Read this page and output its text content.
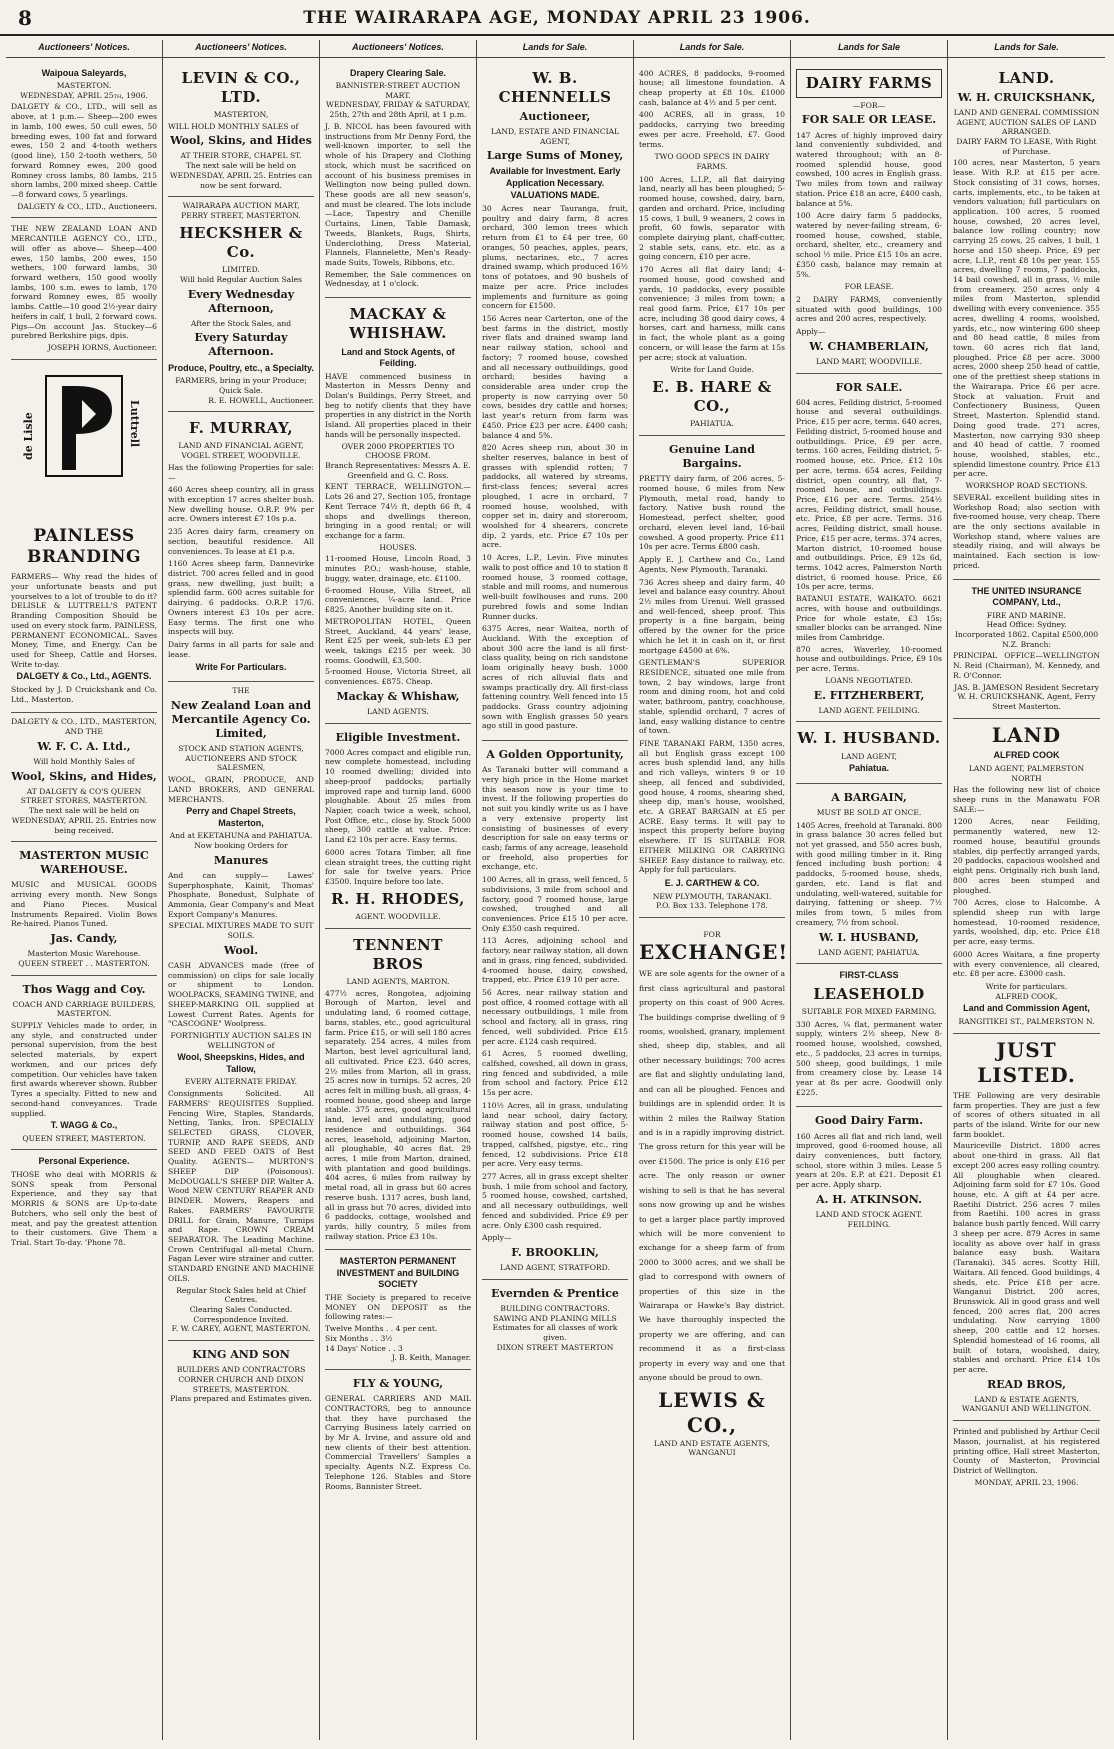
8	THE WAIRARAPA AGE, MONDAY APRIL 23 1906.
Auctioneers' Notices.
Waipoua Saleyards,
MASTERTON.
WEDNESDAY, APRIL 25th, 1906.

DALGETY & CO., LTD., will sell as above, at 1 p.m.— Sheep—200 ewes in lamb, 100 ewes, 50 cull ewes, 50 breeding ewes, 100 fat and forward ewes, 150 2 and 4-tooth wethers (good line), 150 2-tooth wethers, 50 forward Romney ewes, 200 good Romney cross lambs, 80 lambs, 215 shorn lambs, 200 mixed sheep. Cattle—8 forward cows, 5 yearlings.

DALGETY & CO., LTD., Auctioneers.

THE NEW ZEALAND LOAN AND MERCANTILE AGENCY CO., LTD., will offer as above— Sheep—400 ewes, 150 lambs, 200 ewes, 150 wethers, 100 forward lambs, 30 forward wethers, 150 good woolly lambs, 100 s.m. ewes to lamb, 170 forward Romney ewes, 85 woolly lambs. Cattle—10 good 2½-year dairy heifers in calf, 1 bull, 2 forward cows. Pigs—On account Jas. Stuckey—6 purebred Berkshire pigs, dpis.

JOSEPH IORNS, Auctioneer.
de Lisle	Luttrell
PAINLESS BRANDING

FARMERS— Why read the hides of your unfortunate beasts and put yourselves to a lot of trouble to do it? DELISLE & LUTTRELL'S PATENT Branding Composition Should be used on every stock farm. PAINLESS, PERMANENT ECONOMICAL. Saves Money, Time, and Energy. Can be used for Sheep, Cattle and Horses. Write to-day.

DALGETY & Co., Ltd., AGENTS.

Stocked by J. D Cruickshank and Co. Ltd., Masterton.

DALGETY & CO., LTD., MASTERTON,
AND THE
W. F. C. A. Ltd.,
Will hold Monthly Sales of
Wool, Skins, and Hides,
AT DALGETY & CO'S QUEEN STREET STORES, MASTERTON.
The next sale will be held on WEDNESDAY, APRIL 25. Entries now being received.
MASTERTON MUSIC WAREHOUSE.

MUSIC and MUSICAL GOODS arriving every month. New Songs and Piano Pieces. Musical Instruments Repaired. Violin Bows Re-haired. Pianos Tuned.

Jas. Candy,
Masterton Music Warehouse.
QUEEN STREET . . MASTERTON.
Thos Wagg and Coy.
COACH AND CARRIAGE BUILDERS, MASTERTON.

SUPPLY Vehicles made to order, in any style, and constructed under personal supervision, from the best selected materials, by expert workmen, and our prices defy competition. Our vehicles have taken first awards wherever shown. Rubber Tyres a specialty. Fitted to new and second-hand conveyances. Trade supplied.

T. WAGG & Co.,
QUEEN STREET, MASTERTON.
Personal Experience.

THOSE who deal with MORRIS & SONS speak from Personal Experience, and they say that MORRIS & SONS are Up-to-date Butchers, who sell only the best of meat, and pay the greatest attention to their customers. Give Them a Trial. Start To-day. 'Phone 78.

Auctioneers' Notices.
LEVIN & CO., LTD.
MASTERTON,

WILL HOLD MONTHLY SALES of

Wool, Skins, and Hides
AT THEIR STORE, CHAPEL ST.
The next sale will be held on WEDNESDAY, APRIL 25. Entries can now be sent forward.
WAIRARAPA AUCTION MART, PERRY STREET, MASTERTON.
HECKSHER & Co.
LIMITED.
Will hold Regular Auction Sales
Every Wednesday Afternoon,
After the Stock Sales, and
Every Saturday Afternoon.
Produce, Poultry, etc., a Specialty.
FARMERS, bring in your Produce; Quick Sale.
R. E. HOWELL, Auctioneer.
F. MURRAY,
LAND AND FINANCIAL AGENT, VOGEL STREET, WOODVILLE.

Has the following Properties for sale:—

460 Acres sheep country, all in grass with exception 17 acres shelter bush. New dwelling house. O.R.P. 9% per acre. Owners interest £7 10s p.a.

235 Acres dairy farm, creamery on section, beautiful residence. All conveniences. To lease at £1 p.a.

1160 Acres sheep farm, Dannevirke district. 700 acres felled and in good grass, new dwelling, just built; a splendid farm. 600 acres suitable for dairying. 6 paddocks. O.R.P. 17/6. Owners interest £3 10s per acre. Easy terms. The first one who inspects will buy.

Dairy farms in all parts for sale and lease.

Write For Particulars.
THE
New Zealand Loan and Mercantile Agency Co. Limited,
STOCK AND STATION AGENTS, AUCTIONEERS AND STOCK SALESMEN,

WOOL, GRAIN, PRODUCE, AND LAND BROKERS, AND GENERAL MERCHANTS.

Perry and Chapel Streets, Masterton,
And at EKETAHUNA and PAHIATUA.
Now booking Orders for
Manures

And can supply— Lawes' Superphosphate, Kainit, Thomas' Phosphate, Bonedust, Sulphate of Ammonia, Gear Company's and Meat Export Company's Manures.

SPECIAL MIXTURES MADE TO SUIT SOILS.
Wool.

CASH ADVANCES made (free of commission) on clips for sale locally or shipment to London. WOOLPACKS, SEAMING TWINE, and SHEEP-MARKING OIL supplied at Lowest Current Rates. Agents for "CASCOGNE" Woolpress.

FORTNIGHTLY AUCTION SALES IN WELLINGTON of
Wool, Sheepskins, Hides, and Tallow,
EVERY ALTERNATE FRIDAY.

Consignments Solicited. All FARMERS' REQUISITES Supplied. Fencing Wire, Staples, Standards, Netting, Tanks, Iron. SPECIALLY SELECTED GRASS, CLOVER, TURNIP, AND RAPE SEEDS, AND SEED AND FEED OATS of Best Quality. AGENTS— MURTON'S SHEEP DIP (Poisonous). McDOUGALL'S SHEEP DIP. Walter A. Wood NEW CENTURY REAPER AND BINDER. Mowers, Reapers and Rakes. FARMERS' FAVOURITE DRILL for Grain, Manure, Turnips and Rape. CROWN CREAM SEPARATOR. The Leading Machine. Crown Centrifugal all-metal Churn. Fagan Lever wire strainer and cutter. STANDARD ENGINE AND MACHINE OILS.

Regular Stock Sales held at Chief Centres.
Clearing Sales Conducted.
Correspondence Invited.
F. W. CAREY, AGENT, MASTERTON.
KING AND SON
BUILDERS AND CONTRACTORS
CORNER CHURCH AND DIXON STREETS, MASTERTON.
Plans prepared and Estimates given.
Auctioneers' Notices.
Drapery Clearing Sale.
BANNISTER-STREET AUCTION MART.
WEDNESDAY, FRIDAY & SATURDAY, 25th, 27th and 28th April, at 1 p.m.

J. B. NICOL has been favoured with instructions from Mr Denny Ford, the well-known importer, to sell the whole of his Drapery and Clothing stock, which must be sacrificed on account of his business premises in Wellington now being pulled down. These goods are all new season's, and must be cleared. The lots include—Lace, Tapestry and Chenille Curtains, Linen, Table Damask, Tweeds, Blankets, Rugs, Shirts, Underclothing, Dress Material, Flannels, Flannelette, Men's Ready-made Suits, Towels, Ribbons, etc.

Remember, the Sale commences on Wednesday, at 1 o'clock.

MACKAY & WHISHAW.
Land and Stock Agents, of Feilding.

HAVE commenced business in Masterton in Messrs Denny and Dolan's Buildings, Perry Street, and beg to notify clients that they have properties in any district in the North Island. All properties placed in their hands will be personally inspected.

OVER 2000 PROPERTIES TO CHOOSE FROM.
Branch Representatives: Messrs A. E. Greenfield and G. C. Ross.

KENT TERRACE, WELLINGTON.— Lots 26 and 27, Section 105, frontage Kent Terrace 74½ ft, depth 66 ft, 4 shops and dwellings thereon, bringing in a good rental; or will exchange for a farm.

HOUSES.

11-roomed House, Lincoln Road, 3 minutes P.O.; wash-house, stable, buggy, water, drainage, etc. £1100.

6-roomed House, Villa Street, all conveniences, ¼-acre land. Price £825. Another building site on it.

METROPOLITAN HOTEL, Queen Street, Auckland, 44 years' lease, Rent £25 per week, sub-lets £3 per week, takings £215 per week. 30 rooms. Goodwill, £3,500.

5-roomed House, Victoria Street, all conveniences. £875. Cheap.

Mackay & Whishaw,
LAND AGENTS.
Eligible Investment.

7000 Acres compact and eligible run, new complete homestead, including 10 roomed dwelling; divided into sheep-proof paddocks; partially improved rape and turnip land. 6000 ploughable. About 25 miles from Napier, coach twice a week, school, Post Office, etc., close by. Stock 5000 sheep, 300 cattle at value. Price: Land £2 10s per acre. Easy terms.

6000 acres Totara Timber, all fine clean straight trees, the cutting right for sale for twelve years. Price £3500. Inquire before too late.

R. H. RHODES,
AGENT. WOODVILLE.
TENNENT BROS
LAND AGENTS, MARTON.

477½ acres, Rongotea, adjoining Borough of Marton, level and undulating land, 6 roomed cottage, barns, stables, etc., good agricultural farm. Price £15, or will sell 180 acres separately. 254 acres, 4 miles from Marton, best level agricultural land, all cultivated. Price £23. 640 acres, 2½ miles from Marton, all in grass, 25 acres now in turnips. 52 acres, 20 acres felt in milling bush, all grass, 4-roomed house, good sheep and large stable. 375 acres, good agricultural land, level and undulating, good residence and outbuildings. 364 acres, leasehold, adjoining Marton, all ploughable, 40 acres flat. 29 acres, 1 mile from Marton, drained, with plantation and good buildings. 404 acres, 6 miles from railway by metal road, all in grass but 60 acres reserve bush. 1317 acres, bush land, all in grass but 70 acres, divided into 6 paddocks, cottage, woolshed and yards, hilly country, 5 miles from railway station. Price £3 10s.

MASTERTON PERMANENT INVESTMENT and BUILDING SOCIETY

THE Society is prepared to receive MONEY ON DEPOSIT as the following rates:—

Twelve Months . . 4 per cent.
Six Months . . 3½
14 Days' Notice . . 3
J. B. Keith, Manager.
FLY & YOUNG,

GENERAL CARRIERS AND MAIL CONTRACTORS, beg to announce that they have purchased the Carrying Business lately carried on by Mr A. Irvine, and assure old and new clients of their best attention. Commercial Travellers' Samples a specialty. Agents N.Z. Express Co. Telephone 126. Stables and Store Rooms, Bannister Street.

Lands for Sale.
W. B. CHENNELLS
Auctioneer,
LAND, ESTATE AND FINANCIAL AGENT,
Large Sums of Money,
Available for Investment. Early Application Necessary. VALUATIONS MADE.

30 Acres near Tauranga, fruit, poultry and dairy farm, 8 acres orchard, 300 lemon trees which return from £1 to £4 per tree, 60 oranges, 50 peaches, apples, pears, plums, nectarines, etc., 7 acres drained swamp, which produced 16½ tons of potatoes, and 90 bushels of maize per acre. Price includes implements and furniture as going concern for £1500.

156 Acres near Carterton, one of the best farms in the district, mostly river flats and drained swamp land near railway station, school and factory; 7 roomed house, cowshed and all necessary outbuildings, good orchard; besides having a considerable area under crop the property is now carrying over 50 cows, besides dry cattle and horses; last year's return from farm was £450. Price £23 per acre. £400 cash; balance 4 and 5%.

820 Acres sheep run, about 30 in shelter reserves, balance in best of grasses with splendid rotten; 7 paddocks, all watered by streams, first-class fences; several acres ploughed, 1 acre in orchard, 7 roomed house, woolshed, with copper set in, dairy and storeroom, woolshed for 4 shearers, concrete dip, 2 yards, etc. Price £7 10s per acre.

10 Acres, L.P., Levin. Five minutes walk to post office and 10 to station 8 roomed house, 3 roomed cottage, stable and mill rooms, and numerous well-built fowlhouses and runs. 200 purebred fowls and some Indian Runner ducks.

6375 Acres, near Waitea, north of Auckland. With the exception of about 300 acre the land is all first-class quality, being on rich sandstone loam originally heavy bush. 1000 acres of rich alluvial flats and swamps practically dry. All first-class fattening country. Well fenced into 15 paddocks. Grass country adjoining sown with English grasses 50 years ago still in good pasture.

A Golden Opportunity,

As Taranaki butter will command a very high price in the Home market this season now is your time to invest. If the following properties do not suit you kindly write us as I have a very extensive property list consisting of businesses of every description for sale on easy terms or cash; farms of any acreage, leasehold or freehold, also properties for exchange, etc.

100 Acres, all in grass, well fenced, 5 subdivisions, 3 mile from school and factory, good 7 roomed house, large cowshed, troughed and all conveniences. Price £15 10 per acre. Only £350 cash required.

113 Acres, adjoining school and factory, near railway station, all down and in grass, ring fenced, subdivided. 4-roomed house, dairy, cowshed, trapped, etc. Price £19 10 per acre.

56 Acres, near railway station and post office, 4 roomed cottage with all necessary outbuildings, 1 mile from school and factory, all in grass, ring fenced, well subdivided. Price £15 per acre. £124 cash required.

61 Acres, 5 roomed dwelling, calfshed, cowshed, all down in grass, ring fenced and subdivided, a mile from school and factory. Price £12 15s per acre.

110½ Acres, all in grass, undulating land near school, dairy factory, railway station and post office, 5-roomed house, cowshed 14 bails, trapped, calfshed, pigstye, etc., ring fenced, 12 subdivisions. Price £18 per acre. Very easy terms.

277 Acres, all in grass except shelter bush, 1 mile from school and factory, 5 roomed house, cowshed, cartshed, and all necessary outbuildings, well fenced and subdivided. Price £9 per acre. Only £300 cash required.

Apply—
F. BROOKLIN,
LAND AGENT, STRATFORD.
Evernden & Prentice
BUILDING CONTRACTORS.
SAWING AND PLANING MILLS
Estimates for all classes of work given.
DIXON STREET MASTERTON
Lands for Sale.

400 ACRES, 8 paddocks, 9-roomed house; all limestone foundation. A cheap property at £8 10s. £1000 cash, balance at 4½ and 5 per cent.

400 ACRES, all in grass, 10 paddocks, carrying two breeding ewes per acre. Freehold, £7. Good terms.

TWO GOOD SPECS IN DAIRY FARMS.

100 Acres, L.I.P., all flat dairying land, nearly all has been ploughed; 5-roomed house, cowshed, dairy, barn, garden and orchard. Price, including 15 cows, 1 bull, 9 weaners, 2 cows in profit, 60 fowls, separator with complete dairying plant, chaff-cutter, 2 stable sets, cans, etc. etc. as a going concern, £10 per acre.

170 Acres all flat dairy land; 4-roomed house, good cowshed and yards, 10 paddocks, every possible convenience; 3 miles from town; a real good farm. Price, £17 10s per acre, including 38 good dairy cows, 4 horses, cart and harness, milk cans in fact, the whole plant as a going concern, or will lease the farm at 15s per acre; stock at valuation.

Write for Land Guide.
E. B. HARE & CO.,
PAHIATUA.
Genuine Land Bargains.

PRETTY dairy farm, of 206 acres, 5-roomed house, 6 miles from New Plymouth, metal road, handy to factory. Native bush round the Homestead, perfect shelter, good orchard, eleven level land, 16-bail cowshed. A good property. Price £11 10s per acre. Terms £800 cash.

Apply E. J. Carthew and Co., Land Agents, New Plymouth, Taranaki.

736 Acres sheep and dairy farm, 40 level and balance easy country. About 2½ miles from Urenui. Well grassed and well-fenced, sheep proof. This property is a fine bargain, being offered by the owner for the price which he let it in cash on it, or first mortgage £4500 at 6%.

GENTLEMAN'S SUPERIOR RESIDENCE, situated one mile from town, 2 bay windows, large front room and dining room, hot and cold water, bathroom, pantry, coachhouse, stable, splendid orchard, 7 acres of land, easy walking distance to centre of town.

FINE TARANAKI FARM, 1350 acres, all but English grass except 100 acres bush splendid land, any hills and rich valleys, winters 9 or 10 sheep, all fenced and subdivided, good house, 4 rooms, shearing shed, sheep dip, man's house, woolshed, etc. A GREAT BARGAIN at £5 per ACRE. Easy terms. It will pay to inspect this property before buying elsewhere. IT IS SUITABLE FOR EITHER MILKING OR CARRYING SHEEP. Easy distance to railway, etc. Apply for full particulars.

E. J. CARTHEW & CO.
NEW PLYMOUTH, TARANAKI.
P.O. Box 133. Telephone 178.
FOR
EXCHANGE!

WE are sole agents for the owner of a first class agricultural and pastoral property on this coast of 900 Acres. The buildings comprise dwelling of 9 rooms, woolshed, granary, implement shed, sheep dip, stables, and all other necessary buildings; 700 acres are flat and slightly undulating land, and can all be ploughed. Fences and buildings are in splendid order. It is within 2 miles the Railway Station and is in a rapidly improving district. The gross return for this year will be over £1500. The price is only £16 per acre. The only reason or owner wishing to sell is that he has several sons now growing up and he wishes to get a larger place partly improved which will be more convenient to exchange for a sheep farm of from 2000 to 3000 acres, and we shall be glad to correspond with owners of properties of this size in the Wairarapa or Hawke's Bay district. We have thoroughly inspected the property we are offering, and can recommend it as a first-class property in every way and one that anyone should be proud to own.

LEWIS & CO.,
LAND AND ESTATE AGENTS,
WANGANUI
Lands for Sale
DAIRY FARMS
—FOR—
FOR SALE OR LEASE.

147 Acres of highly improved dairy land conveniently subdivided, and watered throughout; with an 8-roomed splendid house, good cowshed, 100 acres in English grass. Two miles from town and railway station. Price £18 an acre, £400 cash, balance at 5%.

100 Acre dairy farm 5 paddocks, watered by never-failing stream, 6-roomed house, cowshed, stable, orchard, shelter, etc., creamery and school ½ mile. Price £15 10s an acre. £350 cash, balance may remain at 5%.

FOR LEASE.

2 DAIRY FARMS, conveniently situated with good buildings, 100 acres and 200 acres, respectively.

Apply—
W. CHAMBERLAIN,
LAND MART, WOODVILLE.
FOR SALE.

604 acres, Feilding district, 5-roomed house and several outbuildings. Price, £15 per acre, terms. 640 acres, Feilding district, 5-roomed house and outbuildings. Price, £9 per acre, terms. 160 acres, Feilding district, 5-roomed house, etc. Price, £12 10s per acre, terms. 654 acres, Feilding district, open country, all flat, 7-roomed house, and outbuildings. Price, £16 per acre. Terms. 254½ acres, Feilding district, small house, etc. Price, £8 per acre. Terms. 316 acres, Feilding district, small house. Price, £15 per acre, terms. 374 acres, Marton district, 10-roomed house and outbuildings. Price, £9 12s 6d, terms. 1042 acres, Palmerston North district, 6 roomed house. Price, £6 10s per acre, terms.

BATANUI ESTATE, WAIKATO. 6621 acres, with house and outbuildings. Price for whole estate, £3 15s; smaller blocks can be arranged. Nine miles from Cambridge.

870 acres, Waverley, 10-roomed house and outbuildings. Price, £9 10s per acre. Terms.

LOANS NEGOTIATED.
E. FITZHERBERT,
LAND AGENT. FEILDING.
W. I. HUSBAND.
LAND AGENT,
Pahiatua.
A BARGAIN,
MUST BE SOLD AT ONCE.

1405 Acres, freehold at Taranaki. 800 in grass balance 30 acres felled but not yet grassed, and 550 acres bush, with good milling timber in it. Ring fenced including bush portion; 4 paddocks, 5-roomed house, sheds, garden, etc. Land is flat and undulating, well-watered, suitable for dairying, fattening or sheep. 7½ miles from town, 5 miles from creamery, 7½ from school.

W. I. HUSBAND,
LAND AGENT, PAHIATUA.
FIRST-CLASS
LEASEHOLD
SUITABLE FOR MIXED FARMING.

330 Acres, ¼ flat, permanent water supply, winters 2½ sheep, New 8-roomed house, woolshed, cowshed, etc., 5 paddocks, 23 acres in turnips, 500 sheep, good buildings, 1 mile from creamery close by. Lease 14 year at 8s per acre. Goodwill only £225.

Good Dairy Farm.

160 Acres all flat and rich land, well improved, good 6-roomed house, all dairy conveniences, butt factory, school, store within 3 miles. Lease 5 years at 20s. E.P. at £21. Deposit £1 per acre. Apply sharp.

A. H. ATKINSON.
LAND AND STOCK AGENT.
FEILDING.
Lands for Sale.
LAND.
W. H. CRUICKSHANK,
LAND AND GENERAL COMMISSION AGENT, AUCTION SALES OF LAND ARRANGED.
DAIRY FARM TO LEASE, With Right of Purchase.

100 acres, near Masterton, 5 years lease. With R.P. at £15 per acre. Stock consisting of 31 cows, horses, carts, implements, etc., to be taken at vendors valuation; full particulars on application. 100 acres, 5 roomed house, cowshed, 20 acres level, balance low rolling country; now carrying 25 cows, 25 calves, 1 bull, 1 horse and 150 sheep. Price, £9 per acre, L.I.P., rent £8 10s per year. 155 acres, dwelling 7 rooms, 7 paddocks, 14 bail cowshed, all in grass, ½ mile from creamery. 250 acres only 4 miles from Masterton, splendid dwelling with every convenience. 355 acres, dwelling 4 rooms, woolshed, yards, etc., now wintering 600 sheep and 80 head cattle, 8 miles from town. 60 acres rich flat land, ploughed. Price £8 per acre. 3000 acres, 2000 sheep 250 head of cattle, one of the prettiest sheep stations in the Wairarapa. Price £6 per acre. Stock at valuation. Fruit and Confectionery Business, Queen Street, Masterton. Splendid stand. Doing good trade. 271 acres, Masterton, now carrying 930 sheep and 40 head of cattle. 7 roomed house, woolshed, stables, etc., splendid limestone country. Price £13 per acre.

WORKSHOP ROAD SECTIONS.

SEVERAL excellent building sites in Workshop Road; also section with five-roomed house, very cheap. There are the only sections available in Workshop stand, where values are steadily rising, and will always be maintained. Each section is low-priced.

THE UNITED INSURANCE COMPANY, Ltd.,
FIRE AND MARINE.
Head Office: Sydney.
Incorporated 1862. Capital £500,000
N.Z. Branch:

PRINCIPAL OFFICE—WELLINGTON N. Reid (Chairman), M. Kennedy, and R. O'Connor.

JAS. B. JAMESON Resident Secretary
W. H. CRUICKSHANK, Agent, Ferry Street Masterton.
LAND
ALFRED COOK
LAND AGENT, PALMERSTON NORTH

Has the following new list of choice sheep runs in the Manawatu FOR SALE:—

1200 Acres, near Feilding, permanently watered, new 12-roomed house, beautiful grounds stables, dip perfectly arranged yards, 20 paddocks, capacious woolshed and eight pens. Originally rich bush land, 800 acres been stumped and ploughed.

700 Acres, close to Halcombe. A splendid sheep run with large homestead, 10-roomed residence, yards, woolshed, dip, etc. Price £18 per acre, easy terms.

6000 Acres Waitara, a fine property with every convenience, all cleared, etc. £8 per acre. £3000 cash.

Write for particulars.
ALFRED COOK,
Land and Commission Agent,
RANGITIKEI ST., PALMERSTON N.
JUST LISTED.

THE Following are very desirable farm properties. They are just a few of scores of others situated in all parts of the island. Write for our new farm booklet.

Mauriceville District. 1800 acres about one-third in grass. All flat except 200 acres easy rolling country. All ploughable when cleared. Adjoining farm sold for £7 10s. Good house, etc. A gift at £4 per acre. Raetihi District. 256 acres 7 miles from Raetihi. 100 acres in grass balance bush partly fenced. Will carry 3 sheep per acre. 879 Acres in same locality as above over half in grass balance easy bush. Waitara (Taranaki). 345 acres. Scotty Hill, Waitara. All fenced. Good buildings, 4 sheds, etc. Price £18 per acre. Wanganui District. 200 acres, Brunswick. All in good grass and well fenced, 200 acres flat, 200 acres undulating. Now carrying 1800 sheep, 200 cattle and 12 horses. Splendid homestead of 16 rooms, all built of totara, woolshed, dairy, stables and orchard. Price £14 10s per acre.

READ BROS,
LAND & ESTATE AGENTS,
WANGANUI AND WELLINGTON.

Printed and published by Arthur Cecil Mason, journalist, at his registered printing office, Hall street Masterton, County of Masterton, Provincial District of Wellington.

MONDAY, APRIL 23, 1906.
